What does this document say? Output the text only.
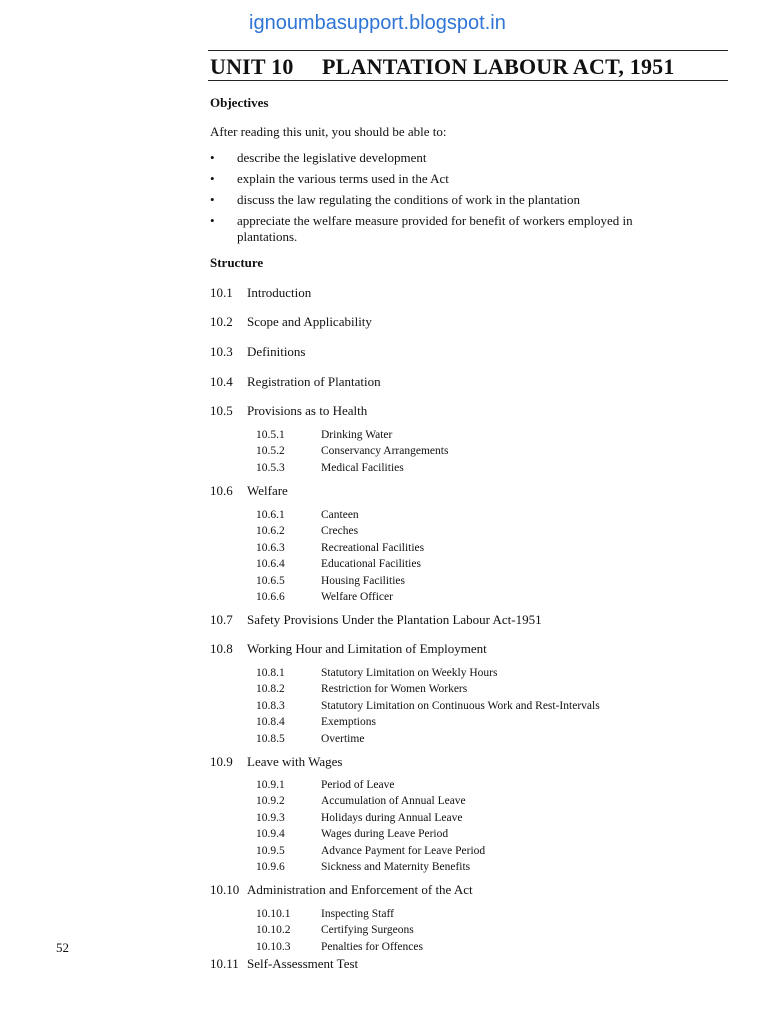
ignoumbasupport.blogspot.in

UNIT 10 PLANTATION LABOUR ACT, 1951

Objectives

After reading this unit, you should be able to:

• describe the legislative development
• explain the various terms used in the Act
• discuss the law regulating the conditions of work in the plantation
• appreciate the welfare measure provided for benefit of workers employed in plantations.

Structure

10.1 Introduction

10.2 Scope and Applicability

10.3 Definitions

10.4 Registration of Plantation

10.5 Provisions as to Health

10.5.1	Drinking Water
10.5.2	Conservancy Arrangements
10.5.3	Medical Facilities

10.6 Welfare

10.6.1	Canteen
10.6.2	Creches
10.6.3	Recreational Facilities
10.6.4	Educational Facilities
10.6.5	Housing Facilities
10.6.6	Welfare Officer

10.7 Safety Provisions Under the Plantation Labour Act-1951

10.8 Working Hour and Limitation of Employment

10.8.1	Statutory Limitation on Weekly Hours
10.8.2	Restriction for Women Workers
10.8.3	Statutory Limitation on Continuous Work and Rest-Intervals
10.8.4	Exemptions
10.8.5	Overtime

10.9 Leave with Wages

10.9.1	Period of Leave
10.9.2	Accumulation of Annual Leave
10.9.3	Holidays during Annual Leave
10.9.4	Wages during Leave Period
10.9.5	Advance Payment for Leave Period
10.9.6	Sickness and Maternity Benefits

10.10 Administration and Enforcement of the Act

10.10.1	Inspecting Staff
10.10.2	Certifying Surgeons
10.10.3	Penalties for Offences

10.11 Self-Assessment Test

52
